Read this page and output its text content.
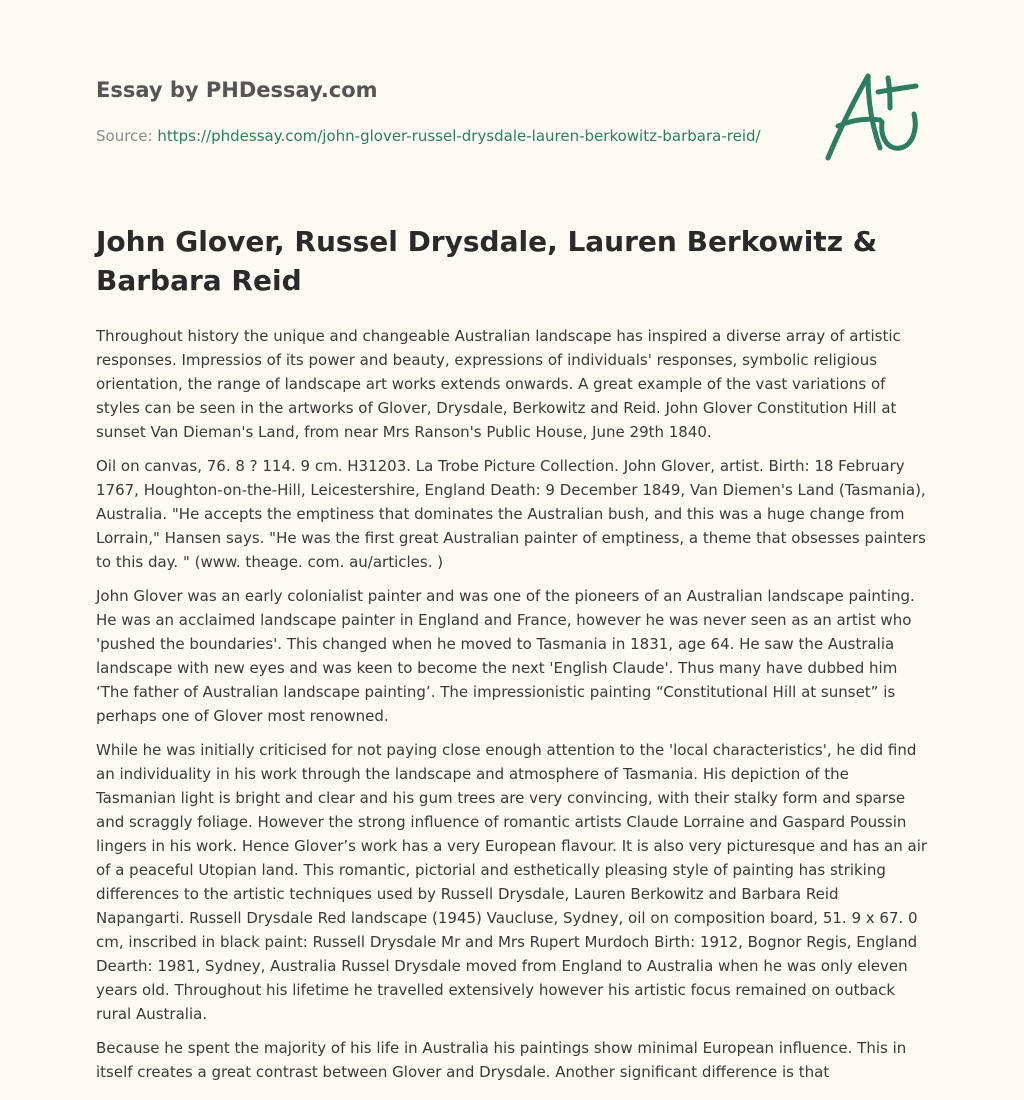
Essay by PHDessay.com
Source: https://phdessay.com/john-glover-russel-drysdale-lauren-berkowitz-barbara-reid/
John Glover, Russel Drysdale, Lauren Berkowitz & Barbara Reid

Throughout history the unique and changeable Australian landscape has inspired a diverse array of artistic responses. Impressios of its power and beauty, expressions of individuals' responses, symbolic religious orientation, the range of landscape art works extends onwards. A great example of the vast variations of styles can be seen in the artworks of Glover, Drysdale, Berkowitz and Reid. John Glover Constitution Hill at sunset Van Dieman's Land, from near Mrs Ranson's Public House, June 29th 1840.

Oil on canvas, 76. 8 ? 114. 9 cm. H31203. La Trobe Picture Collection. John Glover, artist. Birth: 18 February 1767, Houghton-on-the-Hill, Leicestershire, England Death: 9 December 1849, Van Diemen's Land (Tasmania), Australia. "He accepts the emptiness that dominates the Australian bush, and this was a huge change from Lorrain," Hansen says. "He was the first great Australian painter of emptiness, a theme that obsesses painters to this day. " (www. theage. com. au/articles. )

John Glover was an early colonialist painter and was one of the pioneers of an Australian landscape painting. He was an acclaimed landscape painter in England and France, however he was never seen as an artist who 'pushed the boundaries'. This changed when he moved to Tasmania in 1831, age 64. He saw the Australia landscape with new eyes and was keen to become the next 'English Claude'. Thus many have dubbed him ‘The father of Australian landscape painting’. The impressionistic painting “Constitutional Hill at sunset” is perhaps one of Glover most renowned.

While he was initially criticised for not paying close enough attention to the 'local characteristics', he did find an individuality in his work through the landscape and atmosphere of Tasmania. His depiction of the Tasmanian light is bright and clear and his gum trees are very convincing, with their stalky form and sparse and scraggly foliage. However the strong influence of romantic artists Claude Lorraine and Gaspard Poussin lingers in his work. Hence Glover’s work has a very European flavour. It is also very picturesque and has an air of a peaceful Utopian land. This romantic, pictorial and esthetically pleasing style of painting has striking differences to the artistic techniques used by Russell Drysdale, Lauren Berkowitz and Barbara Reid Napangarti. Russell Drysdale Red landscape (1945) Vaucluse, Sydney, oil on composition board, 51. 9 x 67. 0 cm, inscribed in black paint: Russell Drysdale Mr and Mrs Rupert Murdoch Birth: 1912, Bognor Regis, England Dearth: 1981, Sydney, Australia Russel Drysdale moved from England to Australia when he was only eleven years old. Throughout his lifetime he travelled extensively however his artistic focus remained on outback rural Australia.

Because he spent the majority of his life in Australia his paintings show minimal European influence. This in itself creates a great contrast between Glover and Drysdale. Another significant difference is that
